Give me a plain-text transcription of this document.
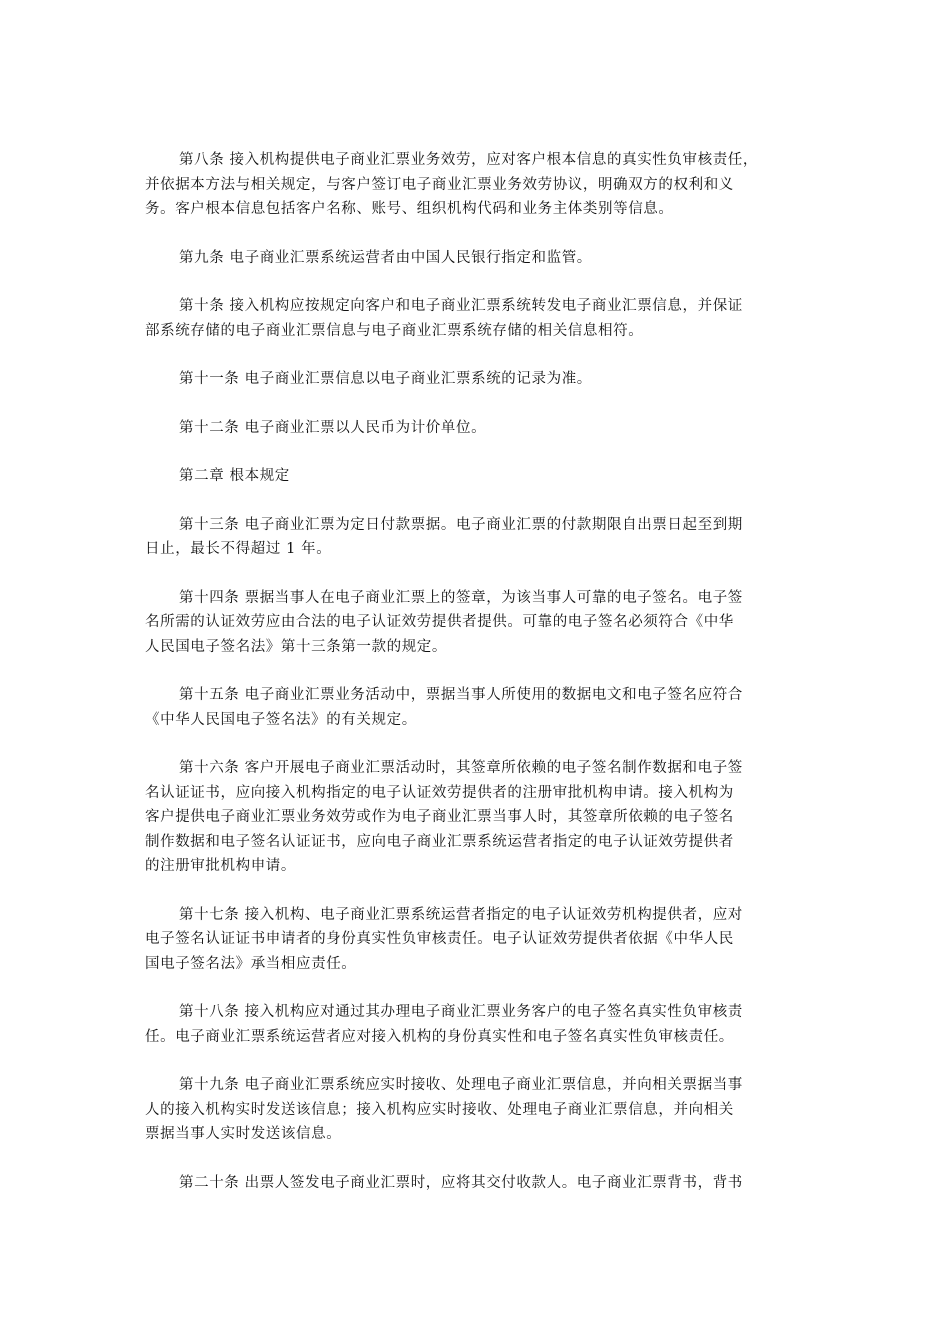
第八条 接入机构提供电子商业汇票业务效劳，应对客户根本信息的真实性负审核责任，
并依据本方法与相关规定，与客户签订电子商业汇票业务效劳协议，明确双方的权利和义
务。客户根本信息包括客户名称、账号、组织机构代码和业务主体类别等信息。

第九条 电子商业汇票系统运营者由中国人民银行指定和监管。

第十条 接入机构应按规定向客户和电子商业汇票系统转发电子商业汇票信息，并保证
部系统存储的电子商业汇票信息与电子商业汇票系统存储的相关信息相符。

第十一条 电子商业汇票信息以电子商业汇票系统的记录为准。

第十二条 电子商业汇票以人民币为计价单位。

第二章 根本规定

第十三条 电子商业汇票为定日付款票据。电子商业汇票的付款期限自出票日起至到期
日止，最长不得超过 1 年。

第十四条 票据当事人在电子商业汇票上的签章，为该当事人可靠的电子签名。电子签
名所需的认证效劳应由合法的电子认证效劳提供者提供。可靠的电子签名必须符合《中华
人民国电子签名法》第十三条第一款的规定。

第十五条 电子商业汇票业务活动中，票据当事人所使用的数据电文和电子签名应符合
《中华人民国电子签名法》的有关规定。

第十六条 客户开展电子商业汇票活动时，其签章所依赖的电子签名制作数据和电子签
名认证证书，应向接入机构指定的电子认证效劳提供者的注册审批机构申请。接入机构为
客户提供电子商业汇票业务效劳或作为电子商业汇票当事人时，其签章所依赖的电子签名
制作数据和电子签名认证证书，应向电子商业汇票系统运营者指定的电子认证效劳提供者
的注册审批机构申请。

第十七条 接入机构、电子商业汇票系统运营者指定的电子认证效劳机构提供者，应对
电子签名认证证书申请者的身份真实性负审核责任。电子认证效劳提供者依据《中华人民
国电子签名法》承当相应责任。

第十八条 接入机构应对通过其办理电子商业汇票业务客户的电子签名真实性负审核责
任。电子商业汇票系统运营者应对接入机构的身份真实性和电子签名真实性负审核责任。

第十九条 电子商业汇票系统应实时接收、处理电子商业汇票信息，并向相关票据当事
人的接入机构实时发送该信息；接入机构应实时接收、处理电子商业汇票信息，并向相关
票据当事人实时发送该信息。

第二十条 出票人签发电子商业汇票时，应将其交付收款人。电子商业汇票背书，背书
